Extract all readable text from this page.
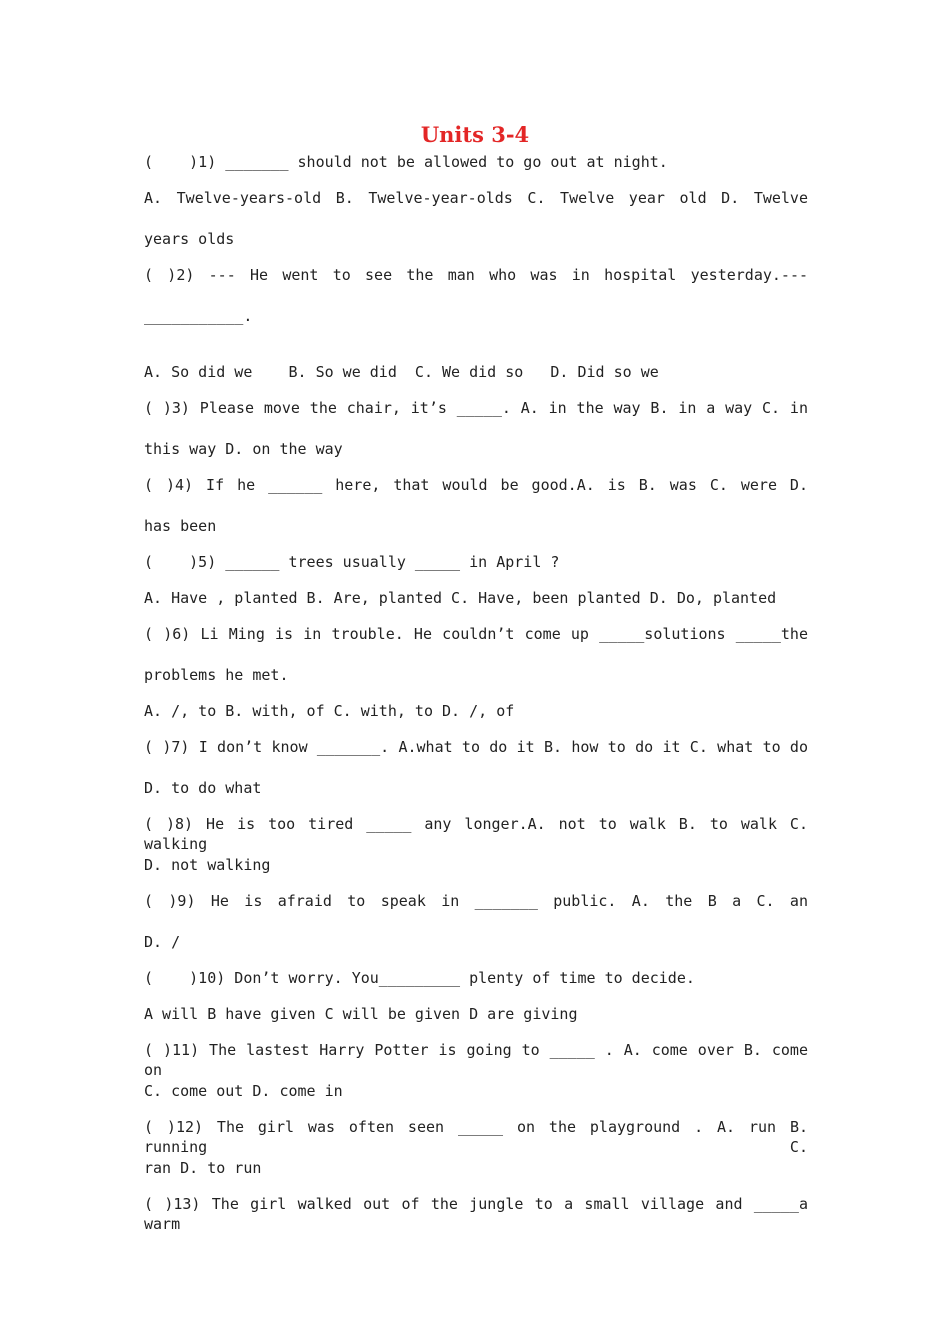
Units 3-4
(    )1) _______ should not be allowed to go out at night.
A. Twelve-years-old B. Twelve-year-olds C. Twelve year old D. Twelve
years olds
( )2) --- He went to see the man who was in hospital yesterday.---
___________.
A. So did we    B. So we did  C. We did so   D. Did so we
( )3) Please move the chair, it’s _____. A. in the way B. in a way C. in
this way D. on the way
( )4) If he ______ here, that would be good.A. is B. was C. were D.
has been
(    )5) ______ trees usually _____ in April ?
A. Have , planted B. Are, planted C. Have, been planted D. Do, planted
( )6) Li Ming is in trouble. He couldn’t come up _____solutions _____the
problems he met.
A. /, to B. with, of C. with, to D. /, of
( )7) I don’t know _______. A.what to do it B. how to do it C. what to do
D. to do what
( )8) He is too tired _____ any longer.A. not to walk B. to walk C. walking
D. not walking
( )9) He is afraid to speak in _______ public. A. the B a C. an
D. /
(    )10) Don’t worry. You_________ plenty of time to decide.
A will B have given C will be given D are giving
( )11) The lastest Harry Potter is going to _____ . A. come over B. come on
C. come out D. come in
( )12) The girl was often seen _____ on the playground . A. run B. running C.
ran D. to run
( )13) The girl walked out of the jungle to a small village and _____a warm
